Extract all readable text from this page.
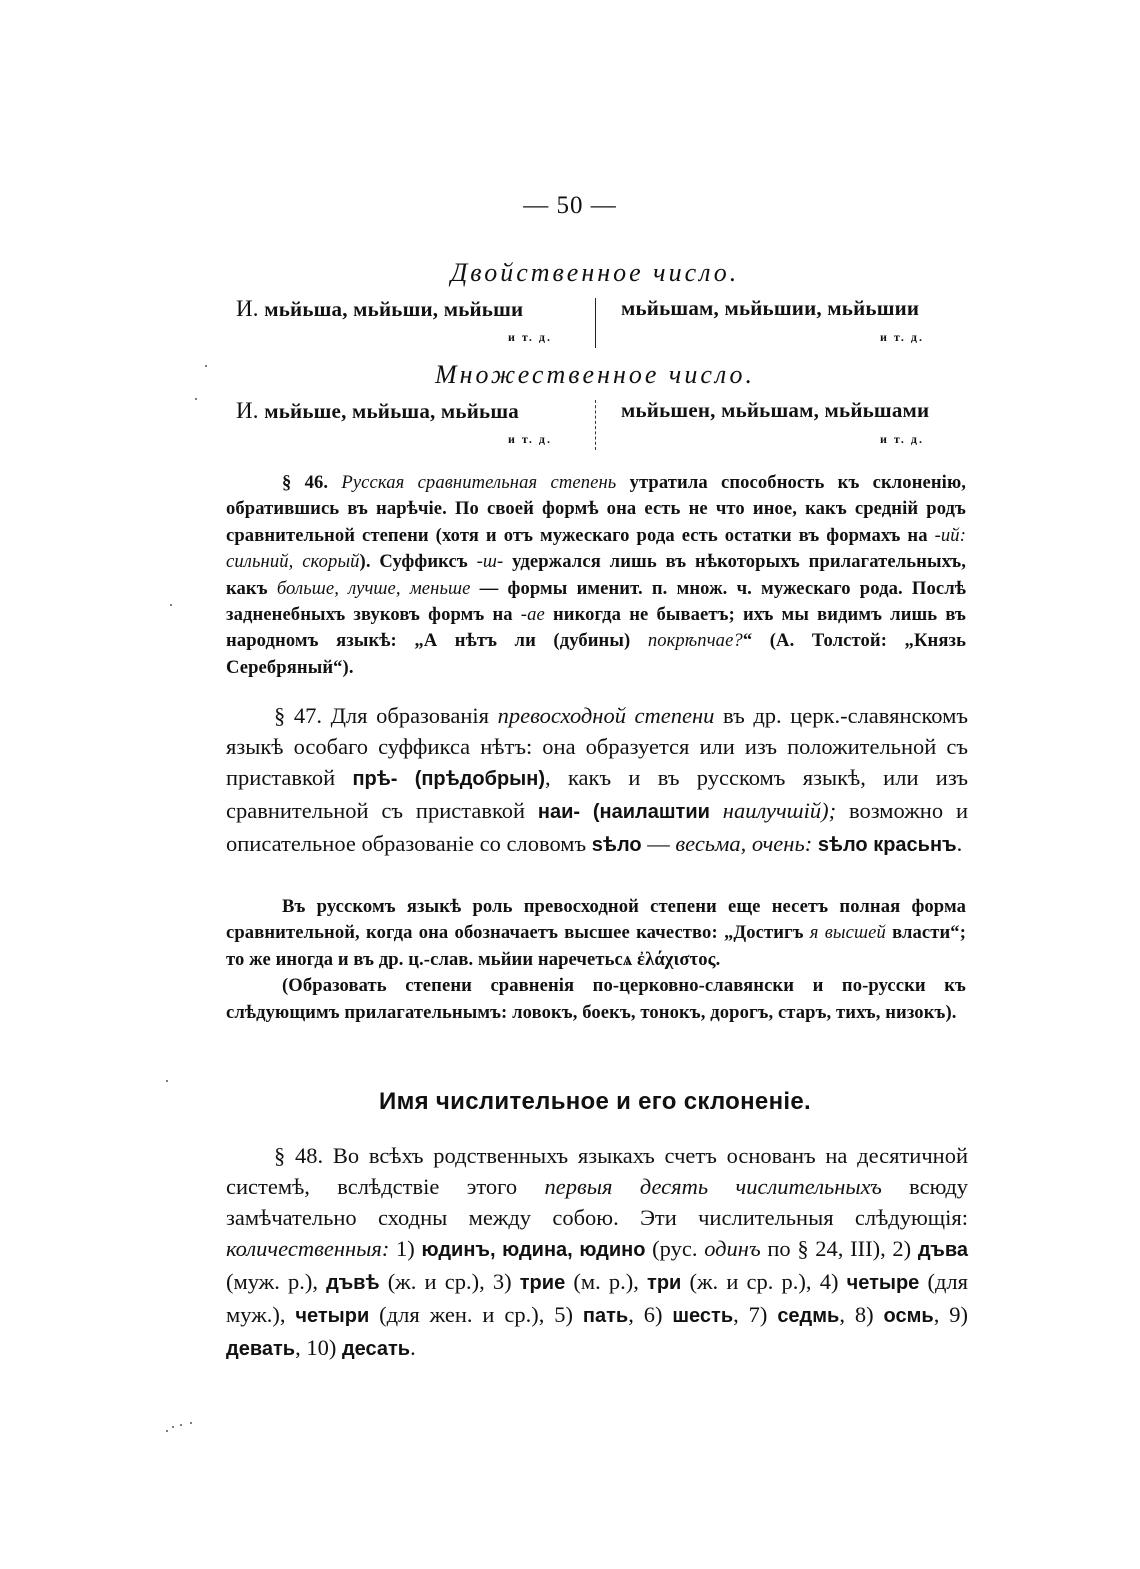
— 50 —
Двойственное число.
И. мьйьша, мьйьши, мьйьши
и т. д.
мьйьшам, мьйьшии, мьйьшии
и т. д.
Множественное число.
И. мьйьше, мьйьша, мьйьша
и т. д.
мьйьшен, мьйьшам, мьйьшами
и т. д.

§ 46. Русская сравнительная степень утратила способность къ склоненію, обратившись въ нарѣчіе. По своей формѣ она есть не что иное, какъ средній родъ сравнительной степени (хотя и отъ мужескаго рода есть остатки въ формахъ на -ий: сильний, скорый). Суффиксъ -ш- удержался лишь въ нѣкоторыхъ прилагательныхъ, какъ больше, лучше, меньше — формы именит. п. множ. ч. мужескаго рода. Послѣ задненебныхъ звуковъ формъ на -ае никогда не бываетъ; ихъ мы видимъ лишь въ народномъ языкѣ: „А нѣтъ ли (дубины) покрѣпчае?“ (А. Толстой: „Князь Серебряный“).

§ 47. Для образованія превосходной степени въ др. церк.-славянскомъ языкѣ особаго суффикса нѣтъ: она образуется или изъ положительной съ приставкой прѣ- (прѣдобрын), какъ и въ русскомъ языкѣ, или изъ сравнительной съ приставкой наи- (наилаштии наилучшій); возможно и описательное образованіе со словомъ ѕѣло — весьма, очень: ѕѣло красьнъ.

Въ русскомъ языкѣ роль превосходной степени еще несетъ полная форма сравнительной, когда она обозначаетъ высшее качество: „Достигъ я высшей власти“; то же иногда и въ др. ц.-слав. мьйии наречетьсѧ ἐλάχιστος.

(Образовать степени сравненія по-церковно-славянски и по-русски къ слѣдующимъ прилагательнымъ: ловокъ, боекъ, тонокъ, дорогъ, старъ, тихъ, низокъ).

Имя числительное и его склоненіе.

§ 48. Во всѣхъ родственныхъ языкахъ счетъ основанъ на десятичной системѣ, вслѣдствіе этого первыя десять числительныхъ всюду замѣчательно сходны между собою. Эти числительныя слѣдующія: количественныя: 1) юдинъ, юдина, юдино (рус. одинъ по § 24, III), 2) дъва (муж. р.), дъвѣ (ж. и ср.), 3) трие (м. р.), три (ж. и ср. р.), 4) четыре (для муж.), четыри (для жен. и ср.), 5) пать, 6) шесть, 7) седмь, 8) осмь, 9) девать, 10) десать.
